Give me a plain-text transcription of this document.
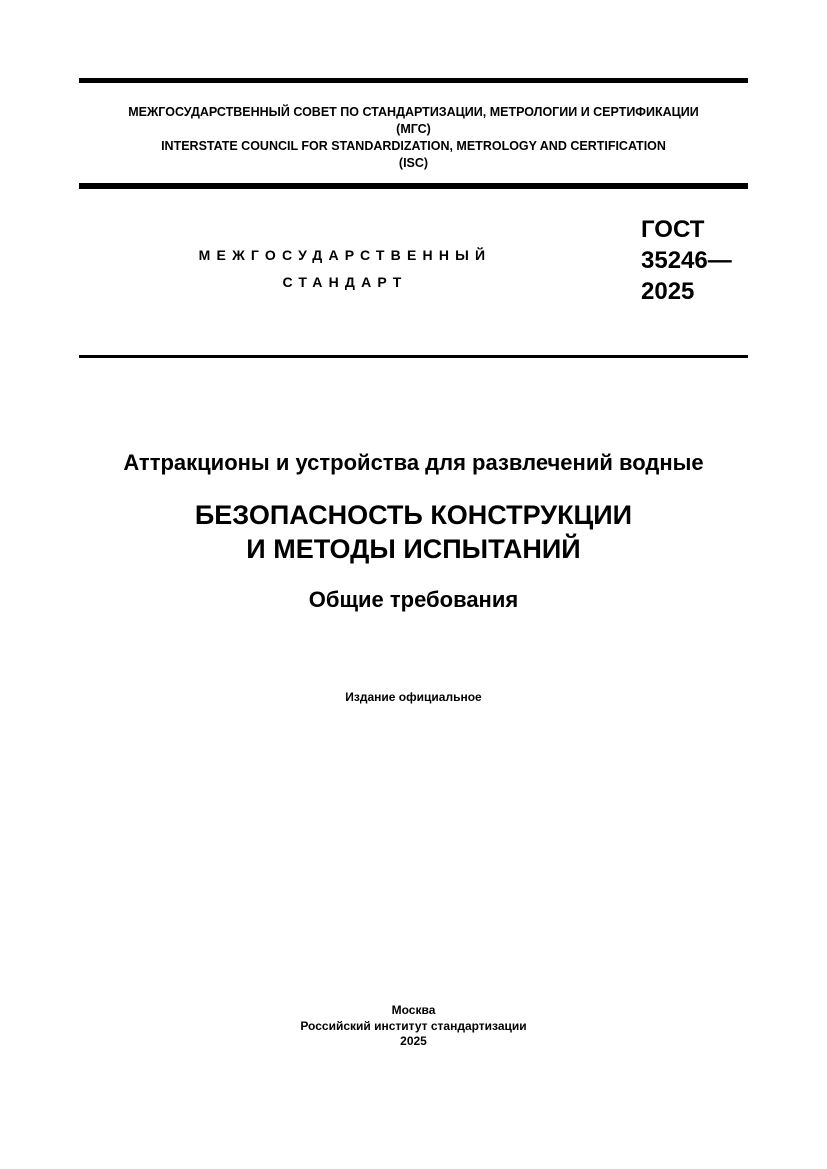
МЕЖГОСУДАРСТВЕННЫЙ СОВЕТ ПО СТАНДАРТИЗАЦИИ, МЕТРОЛОГИИ И СЕРТИФИКАЦИИ
(МГС)
INTERSTATE COUNCIL FOR STANDARDIZATION, METROLOGY AND CERTIFICATION
(ISC)
МЕЖГОСУДАРСТВЕННЫЙ
СТАНДАРТ
ГОСТ
35246—
2025
Аттракционы и устройства для развлечений водные
БЕЗОПАСНОСТЬ КОНСТРУКЦИИ
И МЕТОДЫ ИСПЫТАНИЙ
Общие требования
Издание официальное
Москва
Российский институт стандартизации
2025
